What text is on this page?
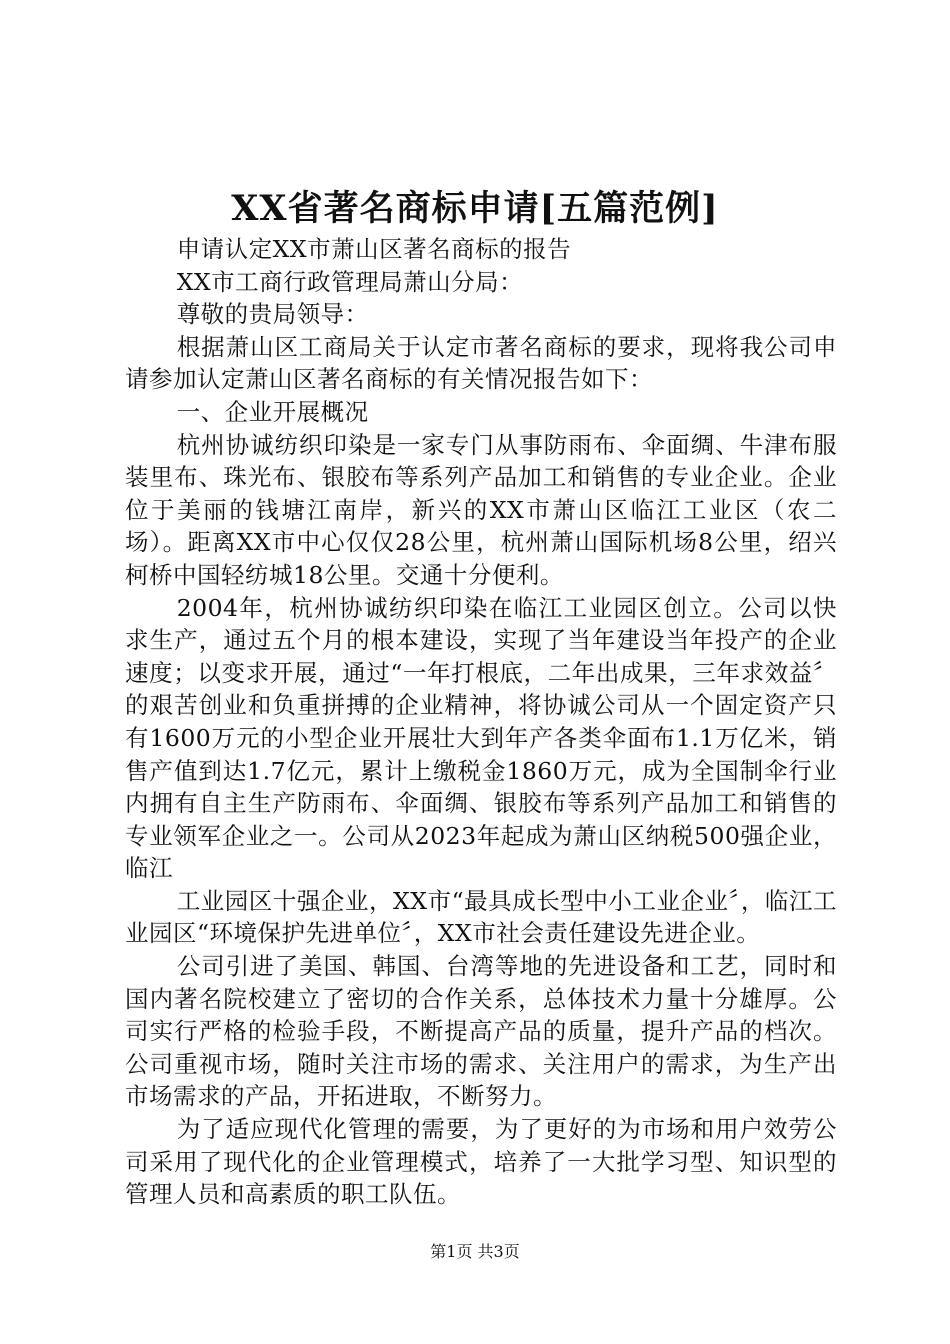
XX省著名商标申请[五篇范例]

申请认定XX市萧山区著名商标的报告

XX市工商行政管理局萧山分局：

尊敬的贵局领导：

根据萧山区工商局关于认定市著名商标的要求，现将我公司申请参加认定萧山区著名商标的有关情况报告如下：

一、企业开展概况

杭州协诚纺织印染是一家专门从事防雨布、伞面绸、牛津布服装里布、珠光布、银胶布等系列产品加工和销售的专业企业。企业位于美丽的钱塘江南岸，新兴的XX市萧山区临江工业区（农二场）。距离XX市中心仅仅28公里，杭州萧山国际机场8公里，绍兴柯桥中国轻纺城18公里。交通十分便利。

2004年，杭州协诚纺织印染在临江工业园区创立。公司以快求生产，通过五个月的根本建设，实现了当年建设当年投产的企业速度；以变求开展，通过“一年打根底，二年出成果，三年求效益〞的艰苦创业和负重拼搏的企业精神，将协诚公司从一个固定资产只有1600万元的小型企业开展壮大到年产各类伞面布1.1万亿米，销售产值到达1.7亿元，累计上缴税金1860万元，成为全国制伞行业内拥有自主生产防雨布、伞面绸、银胶布等系列产品加工和销售的专业领军企业之一。公司从2023年起成为萧山区纳税500强企业，临江

工业园区十强企业，XX市“最具成长型中小工业企业〞，临江工业园区“环境保护先进单位〞，XX市社会责任建设先进企业。

公司引进了美国、韩国、台湾等地的先进设备和工艺，同时和国内著名院校建立了密切的合作关系，总体技术力量十分雄厚。公司实行严格的检验手段，不断提高产品的质量，提升产品的档次。公司重视市场，随时关注市场的需求、关注用户的需求，为生产出市场需求的产品，开拓进取，不断努力。

为了适应现代化管理的需要，为了更好的为市场和用户效劳公司采用了现代化的企业管理模式，培养了一大批学习型、知识型的管理人员和高素质的职工队伍。

第1页 共3页
